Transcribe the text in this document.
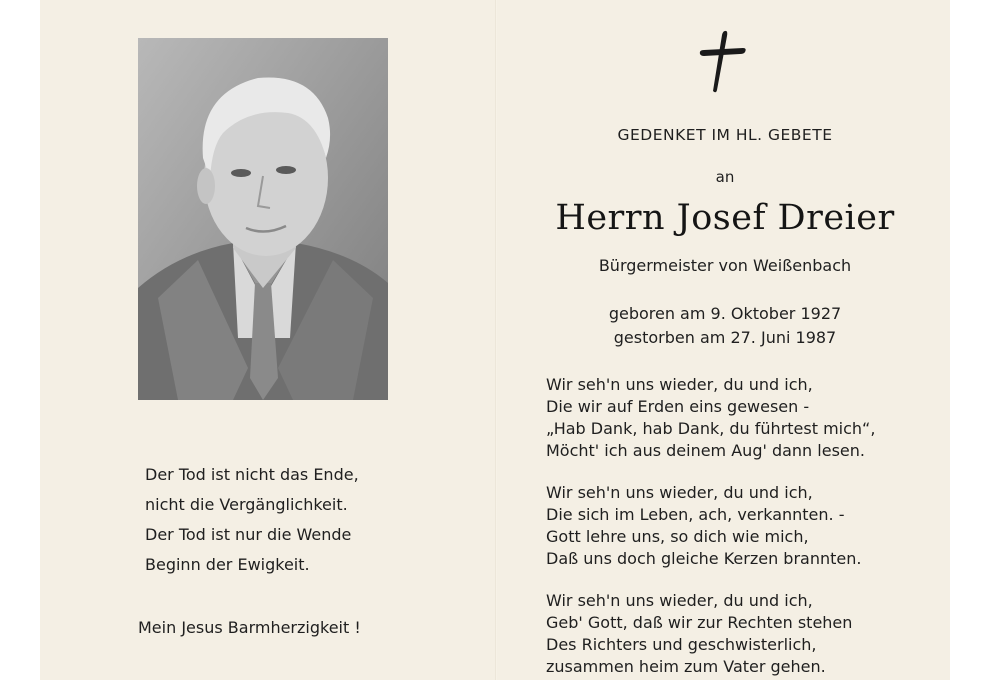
Der Tod ist nicht das Ende,
nicht die Vergänglichkeit.
Der Tod ist nur die Wende
Beginn der Ewigkeit.
Mein Jesus Barmherzigkeit !
GEDENKET IM HL. GEBETE
an
Herrn Josef Dreier
Bürgermeister von Weißenbach
geboren am 9. Oktober 1927
gestorben am 27. Juni 1987
Wir seh'n uns wieder, du und ich,
Die wir auf Erden eins gewesen -
„Hab Dank, hab Dank, du führtest mich“,
Möcht' ich aus deinem Aug' dann lesen.
Wir seh'n uns wieder, du und ich,
Die sich im Leben, ach, verkannten. -
Gott lehre uns, so dich wie mich,
Daß uns doch gleiche Kerzen brannten.
Wir seh'n uns wieder, du und ich,
Geb' Gott, daß wir zur Rechten stehen
Des Richters und geschwisterlich,
zusammen heim zum Vater gehen.
